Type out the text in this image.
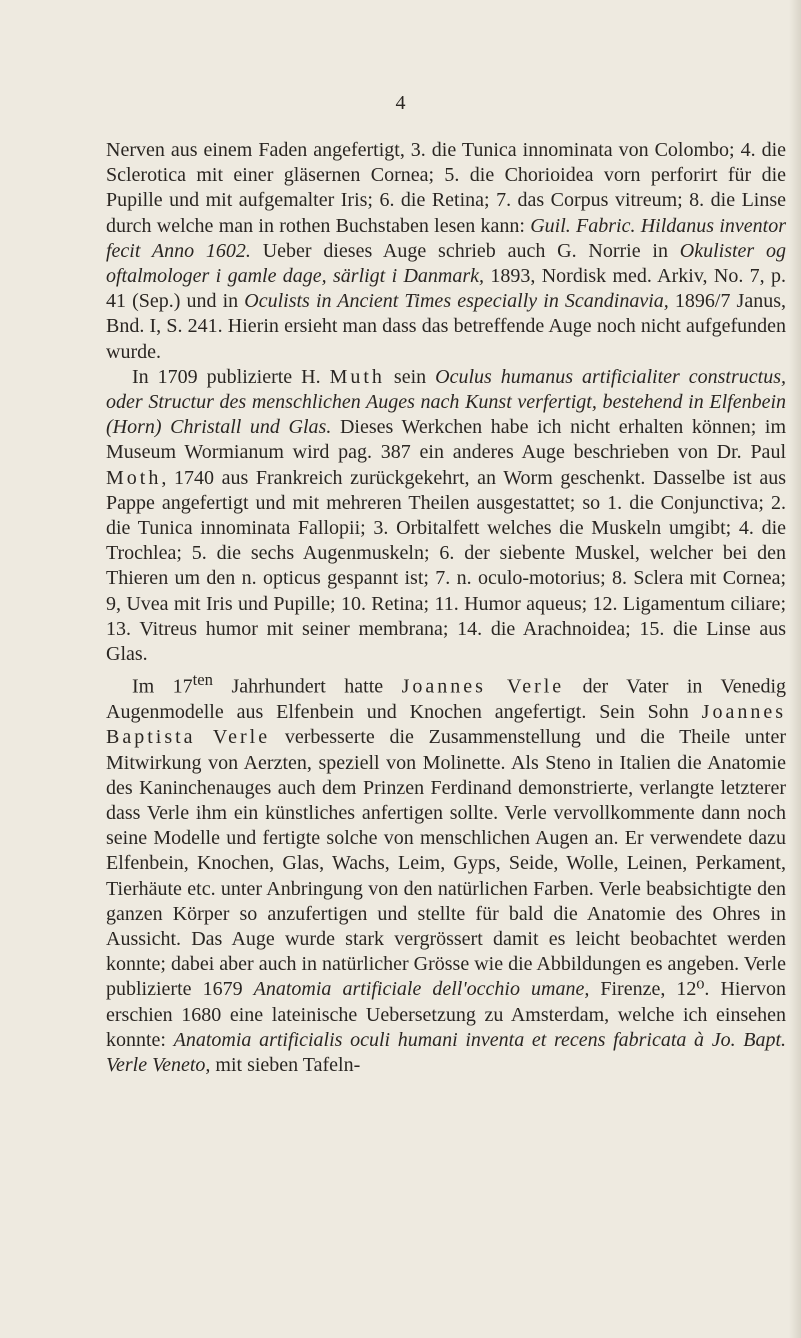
4

Nerven aus einem Faden angefertigt, 3. die Tunica innominata von Colombo; 4. die Sclerotica mit einer gläsernen Cornea; 5. die Chorioidea vorn perforirt für die Pupille und mit aufgemalter Iris; 6. die Retina; 7. das Corpus vitreum; 8. die Linse durch welche man in rothen Buchstaben lesen kann: Guil. Fabric. Hildanus inventor fecit Anno 1602. Ueber dieses Auge schrieb auch G. Norrie in Okulister og oftalmologer i gamle dage, särligt i Danmark, 1893, Nordisk med. Arkiv, No. 7, p. 41 (Sep.) und in Oculists in Ancient Times especially in Scandinavia, 1896/7 Janus, Bnd. I, S. 241. Hierin ersieht man dass das betreffende Auge noch nicht aufgefunden wurde.

In 1709 publizierte H. Muth sein Oculus humanus artificialiter constructus, oder Structur des menschlichen Auges nach Kunst verfertigt, bestehend in Elfenbein (Horn) Christall und Glas. Dieses Werkchen habe ich nicht erhalten können; im Museum Wormianum wird pag. 387 ein anderes Auge beschrieben von Dr. Paul Moth, 1740 aus Frankreich zurückgekehrt, an Worm geschenkt. Dasselbe ist aus Pappe angefertigt und mit mehreren Theilen ausgestattet; so 1. die Conjunctiva; 2. die Tunica innominata Fallopii; 3. Orbitalfett welches die Muskeln umgibt; 4. die Trochlea; 5. die sechs Augenmuskeln; 6. der siebente Muskel, welcher bei den Thieren um den n. opticus gespannt ist; 7. n. oculo-motorius; 8. Sclera mit Cornea; 9, Uvea mit Iris und Pupille; 10. Retina; 11. Humor aqueus; 12. Ligamentum ciliare; 13. Vitreus humor mit seiner membrana; 14. die Arachnoidea; 15. die Linse aus Glas.

Im $17^{ten}$ Jahrhundert hatte Joannes Verle der Vater in Venedig Augenmodelle aus Elfenbein und Knochen angefertigt. Sein Sohn Joannes Baptista Verle verbesserte die Zusammenstellung und die Theile unter Mitwirkung von Aerzten, speziell von Molinette. Als Steno in Italien die Anatomie des Kaninchenauges auch dem Prinzen Ferdinand demonstrierte, verlangte letzterer dass Verle ihm ein künstliches anfertigen sollte. Verle vervollkommente dann noch seine Modelle und fertigte solche von menschlichen Augen an. Er verwendete dazu Elfenbein, Knochen, Glas, Wachs, Leim, Gyps, Seide, Wolle, Leinen, Perkament, Tierhäute etc. unter Anbringung von den natürlichen Farben. Verle beabsichtigte den ganzen Körper so anzufertigen und stellte für bald die Anatomie des Ohres in Aussicht. Das Auge wurde stark vergrössert damit es leicht beobachtet werden konnte; dabei aber auch in natürlicher Grösse wie die Abbildungen es angeben. Verle publizierte 1679 Anatomia artificiale dell'occhio umane, Firenze, 12⁰. Hiervon erschien 1680 eine lateinische Uebersetzung zu Amsterdam, welche ich einsehen konnte: Anatomia artificialis oculi humani inventa et recens fabricata à Jo. Bapt. Verle Veneto, mit sieben Tafeln-
